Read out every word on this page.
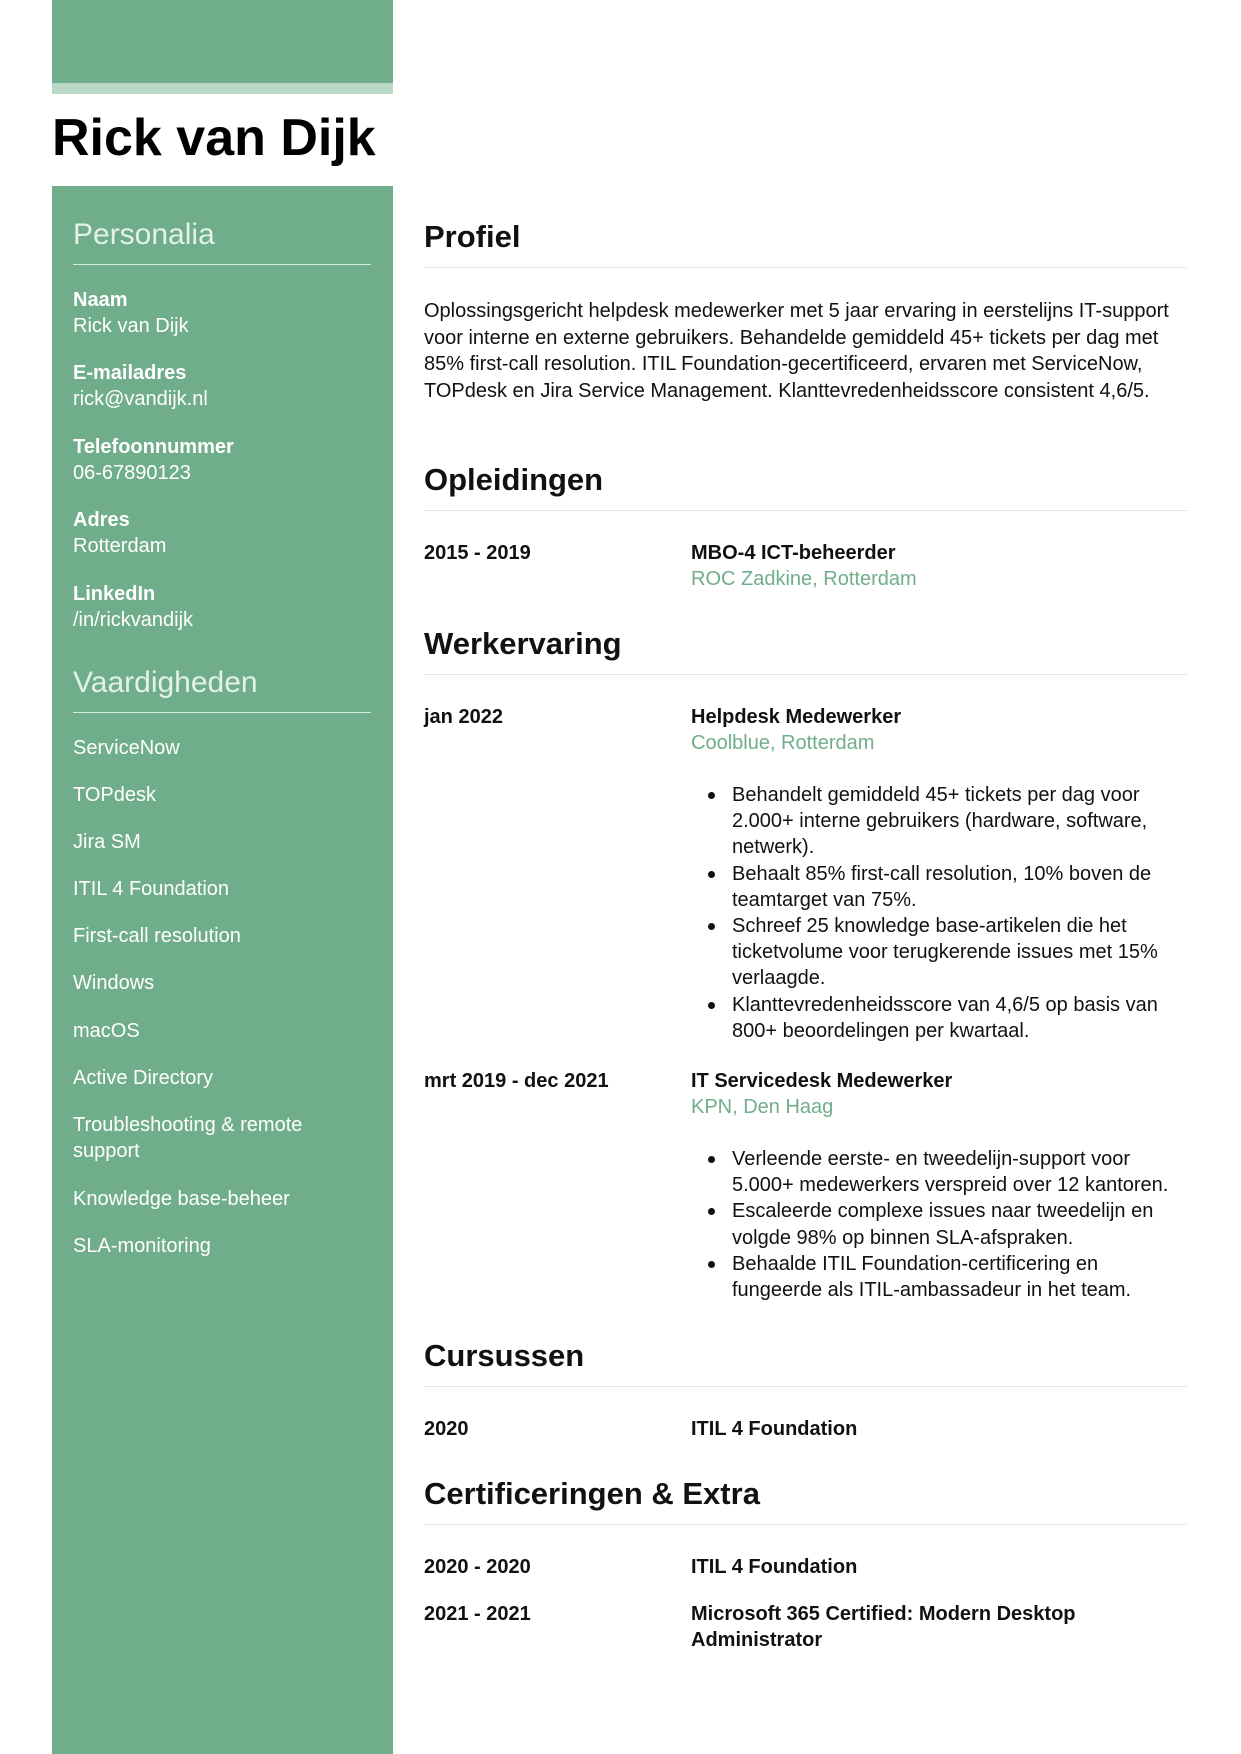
Rick van Dijk
Personalia
Naam
Rick van Dijk
E-mailadres
rick@vandijk.nl
Telefoonnummer
06-67890123
Adres
Rotterdam
LinkedIn
/in/rickvandijk
Vaardigheden
ServiceNow
TOPdesk
Jira SM
ITIL 4 Foundation
First-call resolution
Windows
macOS
Active Directory
Troubleshooting & remote support
Knowledge base-beheer
SLA-monitoring
Profiel
Oplossingsgericht helpdesk medewerker met 5 jaar ervaring in eerstelijns IT-support voor interne en externe gebruikers. Behandelde gemiddeld 45+ tickets per dag met 85% first-call resolution. ITIL Foundation-gecertificeerd, ervaren met ServiceNow, TOPdesk en Jira Service Management. Klanttevredenheidsscore consistent 4,6/5.
Opleidingen
2015 - 2019	MBO-4 ICT-beheerder
ROC Zadkine, Rotterdam
Werkervaring
jan 2022	Helpdesk Medewerker
Coolblue, Rotterdam
Behandelt gemiddeld 45+ tickets per dag voor 2.000+ interne gebruikers (hardware, software, netwerk).
Behaalt 85% first-call resolution, 10% boven de teamtarget van 75%.
Schreef 25 knowledge base-artikelen die het ticketvolume voor terugkerende issues met 15% verlaagde.
Klanttevredenheidsscore van 4,6/5 op basis van 800+ beoordelingen per kwartaal.
mrt 2019 - dec 2021	IT Servicedesk Medewerker
KPN, Den Haag
Verleende eerste- en tweedelijn-support voor 5.000+ medewerkers verspreid over 12 kantoren.
Escaleerde complexe issues naar tweedelijn en volgde 98% op binnen SLA-afspraken.
Behaalde ITIL Foundation-certificering en fungeerde als ITIL-ambassadeur in het team.
Cursussen
2020	ITIL 4 Foundation
Certificeringen & Extra
2020 - 2020	ITIL 4 Foundation
2021 - 2021	Microsoft 365 Certified: Modern Desktop Administrator
